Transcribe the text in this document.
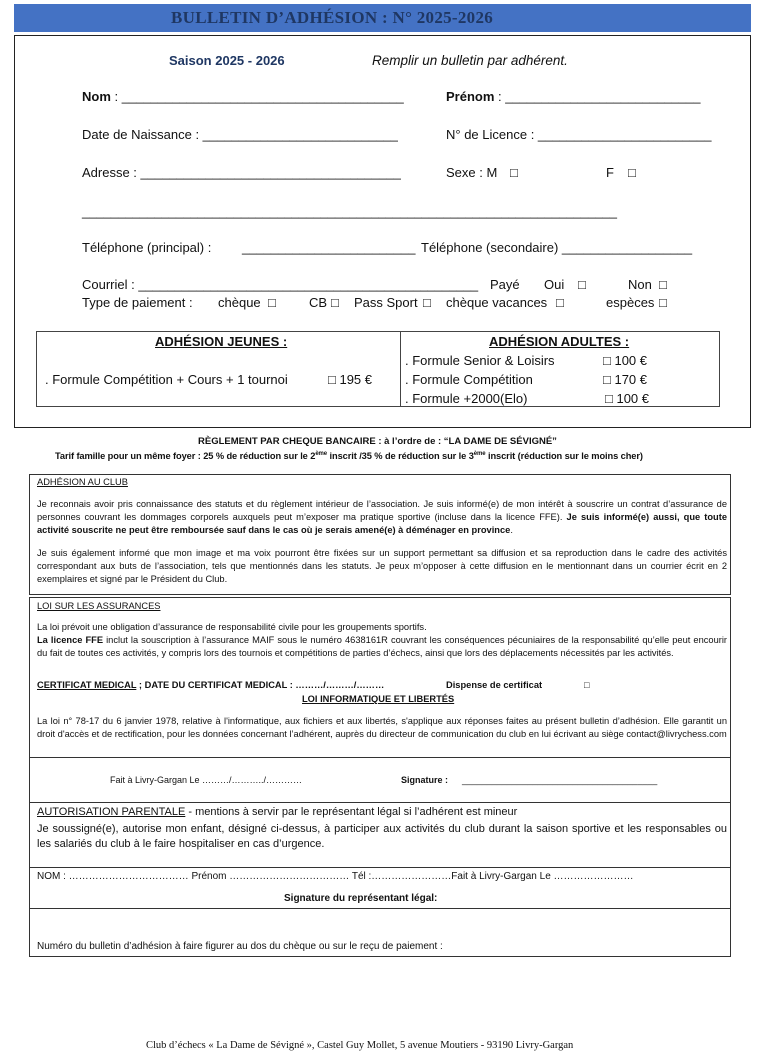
BULLETIN D’ADHÉSION : N° 2025-2026
Saison 2025 - 2026	Remplir un bulletin par adhérent.
Nom : _______________________________________	Prénom : ___________________________
Date de Naissance : ___________________________	N° de Licence : ________________________
Adresse : ____________________________________	Sexe : M □	F □
__________________________________________________________________________
Téléphone (principal) : ________________________ Téléphone (secondaire) __________________
Courriel : _______________________________________________ Payé Oui □	Non □
Type de paiement : chèque □	CB □ Pass Sport □ chèque vacances □	espèces □
ADHÉSION JEUNES :
. Formule Compétition + Cours + 1 tournoi	□ 195 €
ADHÉSION ADULTES :
. Formule Senior & Loisirs	□ 100 €
. Formule Compétition	□ 170 €
. Formule +2000(Elo)	□ 100 €
RÈGLEMENT PAR CHEQUE BANCAIRE : à l’ordre de : “LA DAME DE SÉVIGNÉ”
Tarif famille pour un même foyer : 25 % de réduction sur le 2ème inscrit /35 % de réduction sur le 3ème inscrit (réduction sur le moins cher)
ADHÉSION AU CLUB
Je reconnais avoir pris connaissance des statuts et du règlement intérieur de l’association. Je suis informé(e) de mon intérêt à souscrire un contrat d’assurance de personnes couvrant les dommages corporels auxquels peut m’exposer ma pratique sportive (incluse dans la licence FFE). Je suis informé(e) aussi, que toute activité souscrite ne peut être remboursée sauf dans le cas où je serais amené(e) à déménager en province.
Je suis également informé que mon image et ma voix pourront être fixées sur un support permettant sa diffusion et sa reproduction dans le cadre des activités correspondant aux buts de l’association, tels que mentionnés dans les statuts. Je peux m’opposer à cette diffusion en le mentionnant dans un courrier écrit en 2 exemplaires et signé par le Président du Club.
LOI SUR LES ASSURANCES
La loi prévoit une obligation d’assurance de responsabilité civile pour les groupements sportifs.
La licence FFE inclut la souscription à l’assurance MAIF sous le numéro 4638161R couvrant les conséquences pécuniaires de la responsabilité qu’elle peut encourir du fait de toutes ces activités, y compris lors des tournois et compétitions de parties d’échecs, ainsi que lors des déplacements nécessités par les activités.
CERTIFICAT MEDICAL ; DATE DU CERTIFICAT MEDICAL : ………/………/………	Dispense de certificat	□
LOI INFORMATIQUE ET LIBERTÉS
La loi n° 78-17 du 6 janvier 1978, relative à l'informatique, aux fichiers et aux libertés, s'applique aux réponses faites au présent bulletin d’adhésion. Elle garantit un droit d'accès et de rectification, pour les données concernant l’adhérent, auprès du directeur de communication du club en lui écrivant au siège contact@livrychess.com
Fait à Livry-Gargan Le ………/………../…………	Signature : _______________________________________
AUTORISATION PARENTALE - mentions à servir par le représentant légal si l’adhérent est mineur
Je soussigné(e), autorise mon enfant, désigné ci-dessus, à participer aux activités du club durant la saison sportive et les responsables ou les salariés du club à le faire hospitaliser en cas d’urgence.
NOM : ……………………………… Prénom ……………………………… Tél :……………………Fait à Livry-Gargan Le ……………………
Signature du représentant légal:
Numéro du bulletin d’adhésion à faire figurer au dos du chèque ou sur le reçu de paiement :
Club d’échecs « La Dame de Sévigné », Castel Guy Mollet, 5 avenue Moutiers - 93190 Livry-Gargan
